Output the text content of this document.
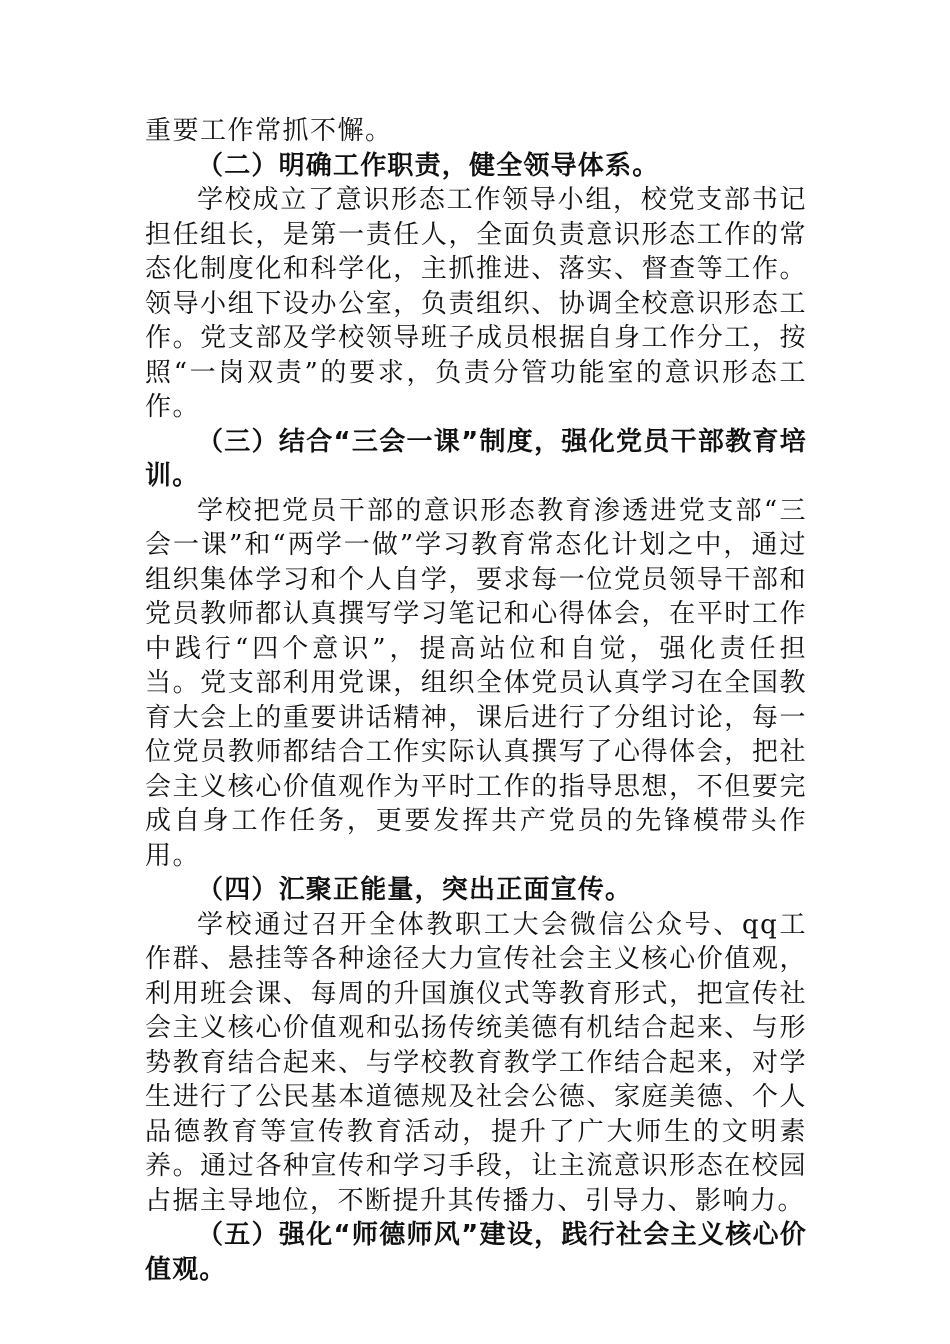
重要工作常抓不懈。

（二）明确工作职责，健全领导体系。

学校成立了意识形态工作领导小组，校党支部书记担任组长，是第一责任人，全面负责意识形态工作的常态化制度化和科学化，主抓推进、落实、督查等工作。领导小组下设办公室，负责组织、协调全校意识形态工作。党支部及学校领导班子成员根据自身工作分工，按照“一岗双责”的要求，负责分管功能室的意识形态工作。

（三）结合“三会一课”制度，强化党员干部教育培训。

学校把党员干部的意识形态教育渗透进党支部“三会一课”和“两学一做”学习教育常态化计划之中，通过组织集体学习和个人自学，要求每一位党员领导干部和党员教师都认真撰写学习笔记和心得体会，在平时工作中践行“四个意识”，提高站位和自觉，强化责任担当。党支部利用党课，组织全体党员认真学习在全国教育大会上的重要讲话精神，课后进行了分组讨论，每一位党员教师都结合工作实际认真撰写了心得体会，把社会主义核心价值观作为平时工作的指导思想，不但要完成自身工作任务，更要发挥共产党员的先锋模带头作用。

（四）汇聚正能量，突出正面宣传。

学校通过召开全体教职工大会微信公众号、qq工作群、悬挂等各种途径大力宣传社会主义核心价值观，利用班会课、每周的升国旗仪式等教育形式，把宣传社会主义核心价值观和弘扬传统美德有机结合起来、与形势教育结合起来、与学校教育教学工作结合起来，对学生进行了公民基本道德规及社会公德、家庭美德、个人品德教育等宣传教育活动，提升了广大师生的文明素养。通过各种宣传和学习手段，让主流意识形态在校园占据主导地位，不断提升其传播力、引导力、影响力。

（五）强化“师德师风”建设，践行社会主义核心价值观。
